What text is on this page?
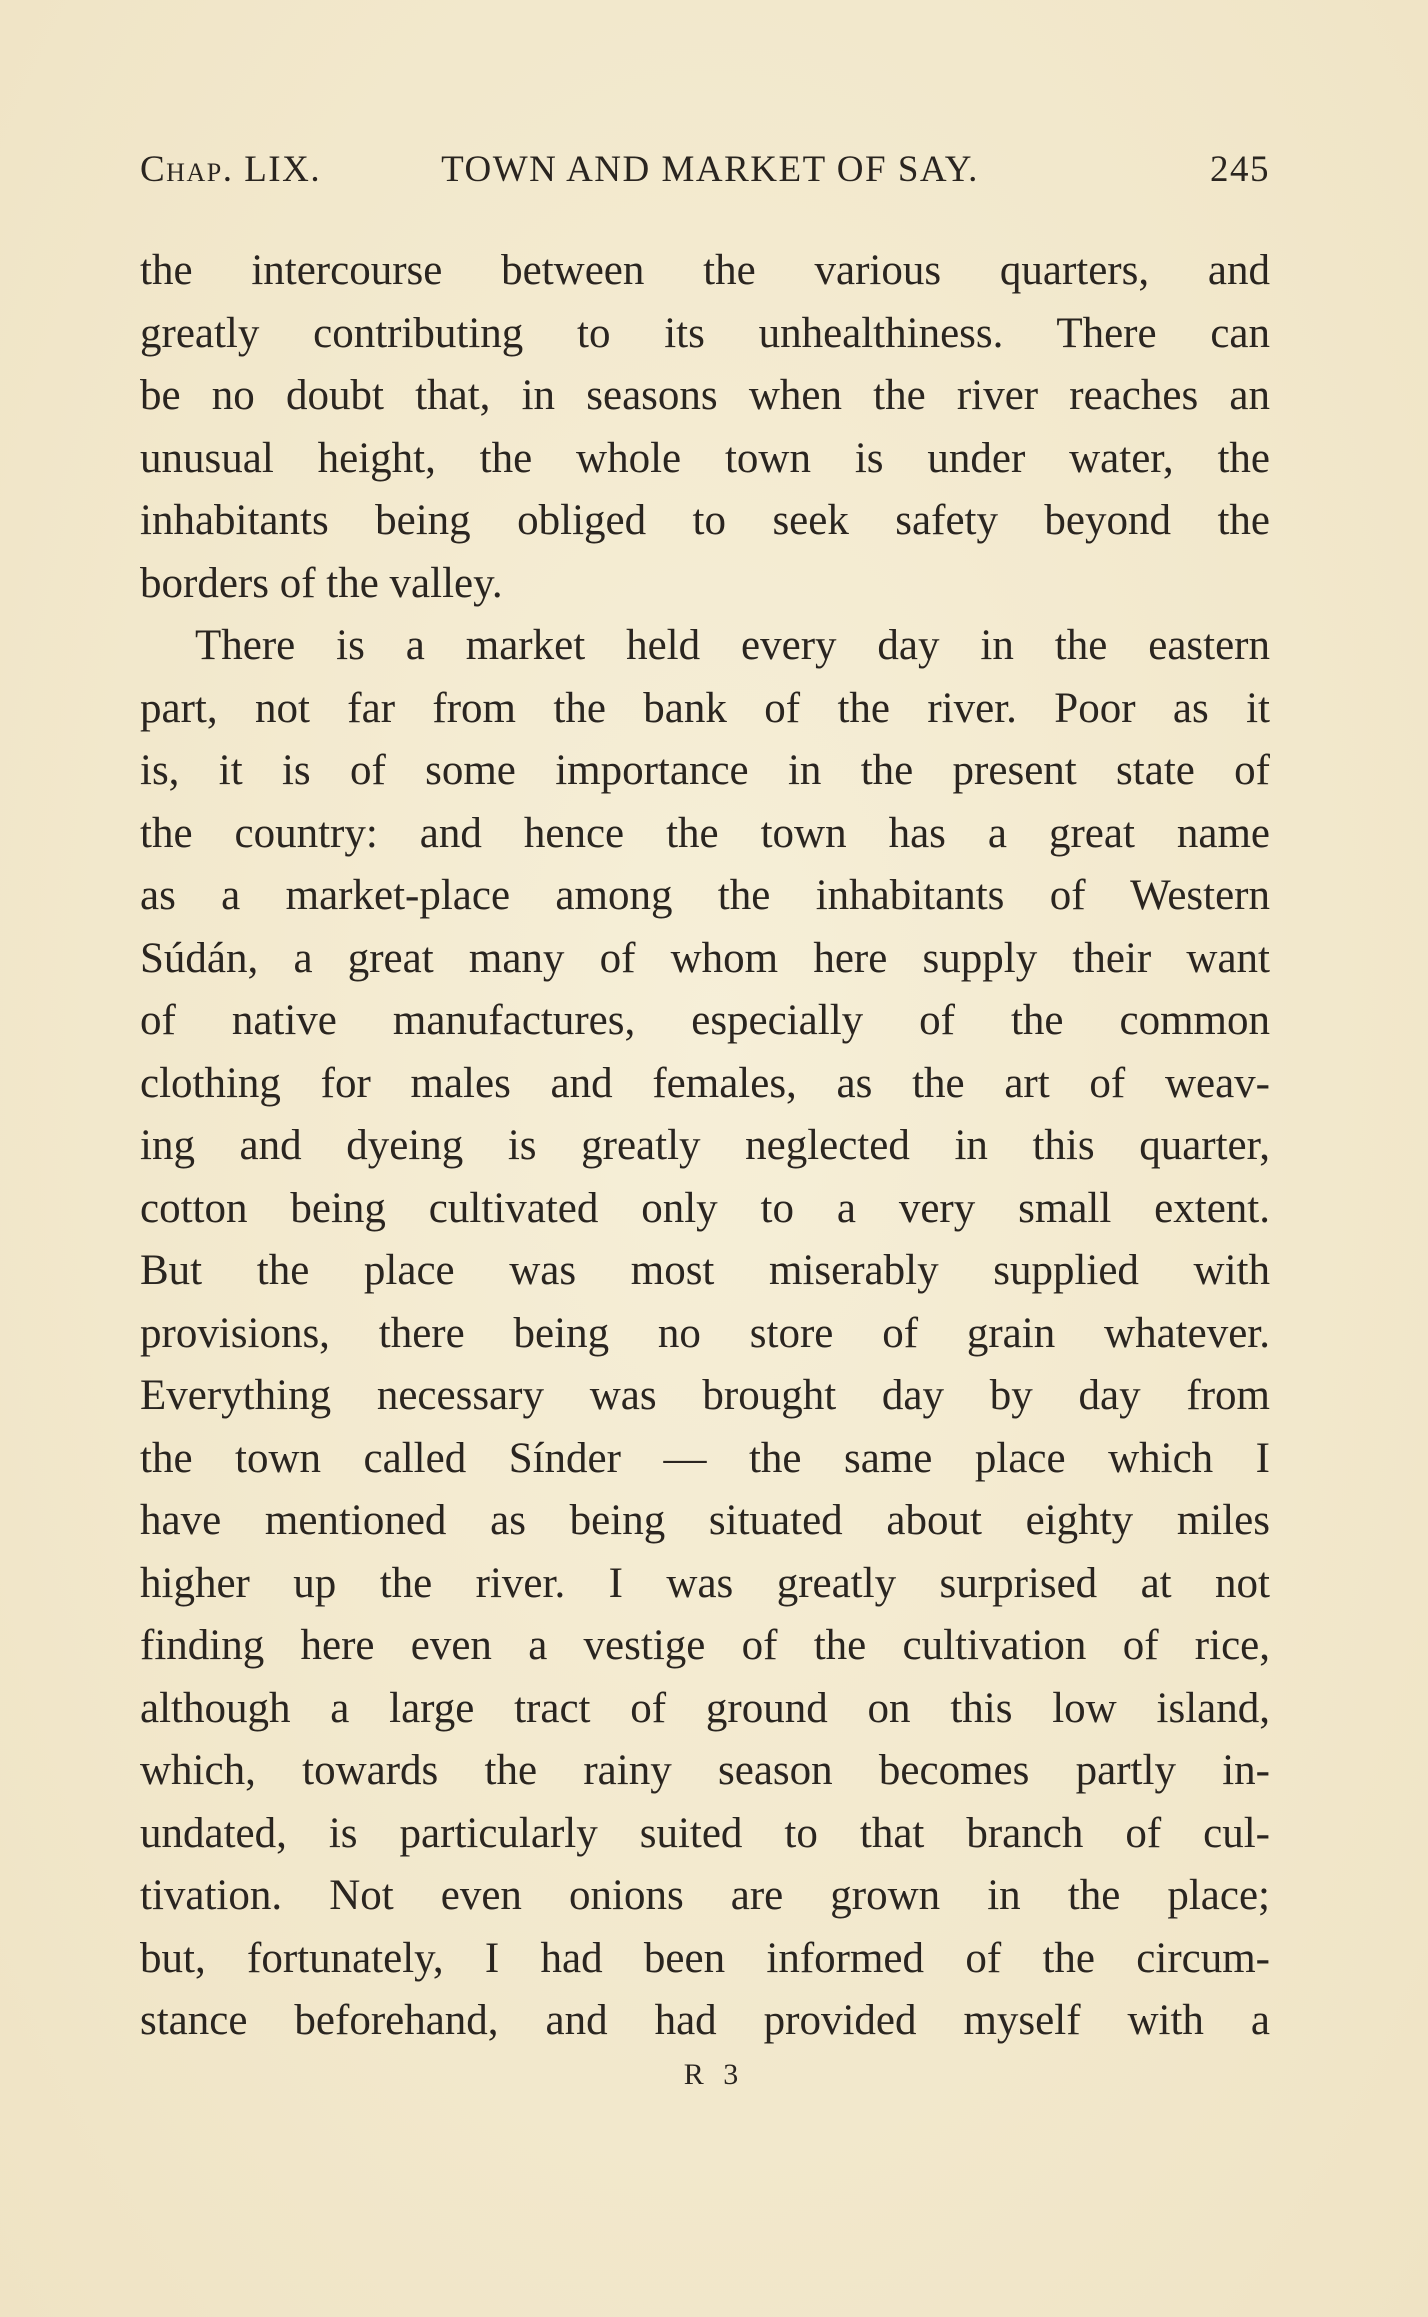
Chap. LIX.	TOWN AND MARKET OF SAY.	245
the intercourse between the various quarters, and
greatly contributing to its unhealthiness. There can
be no doubt that, in seasons when the river reaches an
unusual height, the whole town is under water, the
inhabitants being obliged to seek safety beyond the
borders of the valley.
There is a market held every day in the eastern
part, not far from the bank of the river. Poor as it
is, it is of some importance in the present state of
the country: and hence the town has a great name
as a market-place among the inhabitants of Western
Súdán, a great many of whom here supply their want
of native manufactures, especially of the common
clothing for males and females, as the art of weav-
ing and dyeing is greatly neglected in this quarter,
cotton being cultivated only to a very small extent.
But the place was most miserably supplied with
provisions, there being no store of grain whatever.
Everything necessary was brought day by day from
the town called Sínder — the same place which I
have mentioned as being situated about eighty miles
higher up the river. I was greatly surprised at not
finding here even a vestige of the cultivation of rice,
although a large tract of ground on this low island,
which, towards the rainy season becomes partly in-
undated, is particularly suited to that branch of cul-
tivation. Not even onions are grown in the place;
but, fortunately, I had been informed of the circum-
stance beforehand, and had provided myself with a
R 3
